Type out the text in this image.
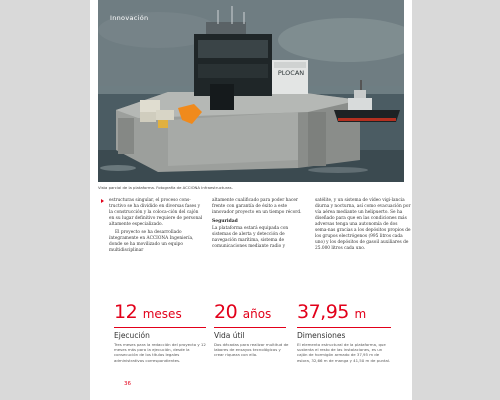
Innovación
PLOCAN
Vista parcial de la plataforma. Fotografía de ACCIONA Infraestructuras.

estructuras singular, el proceso cons-tructivo se ha dividido en diversas fases y la construcción y la coloca-ción del cajón en su lugar definitivo requiere de personal altamente especializado.

El proyecto se ha desarrollado íntegramente en ACCIONA Ingeniería, donde se ha movilizado un equipo multidisciplinar

altamente cualificado para poder hacer frente con garantía de éxito a este innovador proyecto en un tiempo récord.

Seguridad

La plataforma estará equipada con sistemas de alerta y detección de navegación marítima, sistema de comunicaciones mediante radio y

satélite, y un sistema de vídeo vigi-lancia diurna y nocturna, así como evacuación por vía aérea mediante un helipuerto. Se ha diseñado para que en las condiciones más adversas tenga una autonomía de dos sema-nas gracias a los depósitos propios de los grupos electrógenos (995 litros cada uno) y los depósitos de gasoil auxiliares de 25.000 litros cada uno.

12 meses
Ejecución
Tres meses para la redacción del proyecto y 12 meses más para la ejecución, desde la consecución de los títulos legales administrativos correspondientes.
20 años
Vida útil
Dos décadas para realizar multitud de labores de ensayos tecnológicos y crear riqueza con ello.
37,95 m
Dimensiones
El elemento estructural de la plataforma, que sustenta el resto de las instalaciones, es un cajón de hormigón armado de 37,95 m de eslora, 32,66 m de manga y 41,50 m de puntal.
36
